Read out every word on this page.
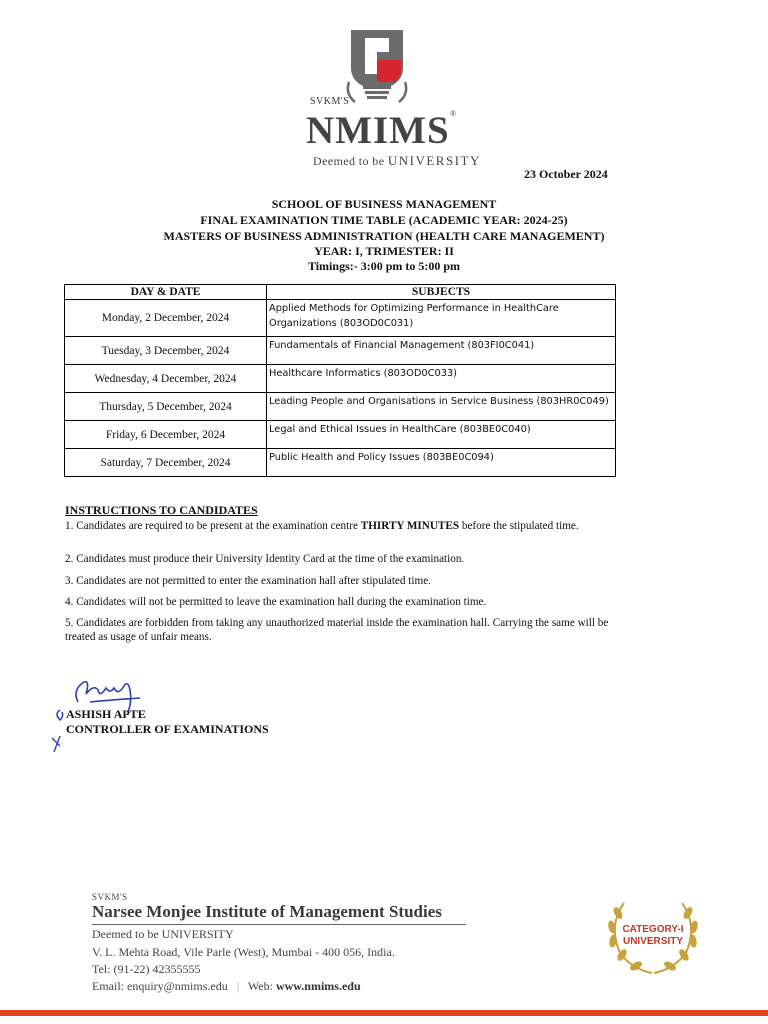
SVKM'S
NMIMS ®
Deemed to be UNIVERSITY
23 October 2024
SCHOOL OF BUSINESS MANAGEMENT
FINAL EXAMINATION TIME TABLE (ACADEMIC YEAR: 2024-25)
MASTERS OF BUSINESS ADMINISTRATION (HEALTH CARE MANAGEMENT)
YEAR: I, TRIMESTER: II
Timings:- 3:00 pm to 5:00 pm
DAY & DATE	SUBJECTS
Monday, 2 December, 2024	Applied Methods for Optimizing Performance in HealthCare Organizations (803OD0C031)
Tuesday, 3 December, 2024	Fundamentals of Financial Management (803FI0C041)
Wednesday, 4 December, 2024	Healthcare Informatics (803OD0C033)
Thursday, 5 December, 2024	Leading People and Organisations in Service Business (803HR0C049)
Friday, 6 December, 2024	Legal and Ethical Issues in HealthCare (803BE0C040)
Saturday, 7 December, 2024	Public Health and Policy Issues (803BE0C094)
INSTRUCTIONS TO CANDIDATES
1. Candidates are required to be present at the examination centre THIRTY MINUTES before the stipulated time.
2. Candidates must produce their University Identity Card at the time of the examination.
3. Candidates are not permitted to enter the examination hall after stipulated time.
4. Candidates will not be permitted to leave the examination hall during the examination time.
5. Candidates are forbidden from taking any unauthorized material inside the examination hall. Carrying the same will be treated as usage of unfair means.
ASHISH APTE
CONTROLLER OF EXAMINATIONS
SVKM'S
Narsee Monjee Institute of Management Studies
Deemed to be UNIVERSITY
V. L. Mehta Road, Vile Parle (West), Mumbai - 400 056, India.
Tel: (91-22) 42355555
Email: enquiry@nmims.edu | Web: www.nmims.edu
CATEGORY-I
UNIVERSITY
